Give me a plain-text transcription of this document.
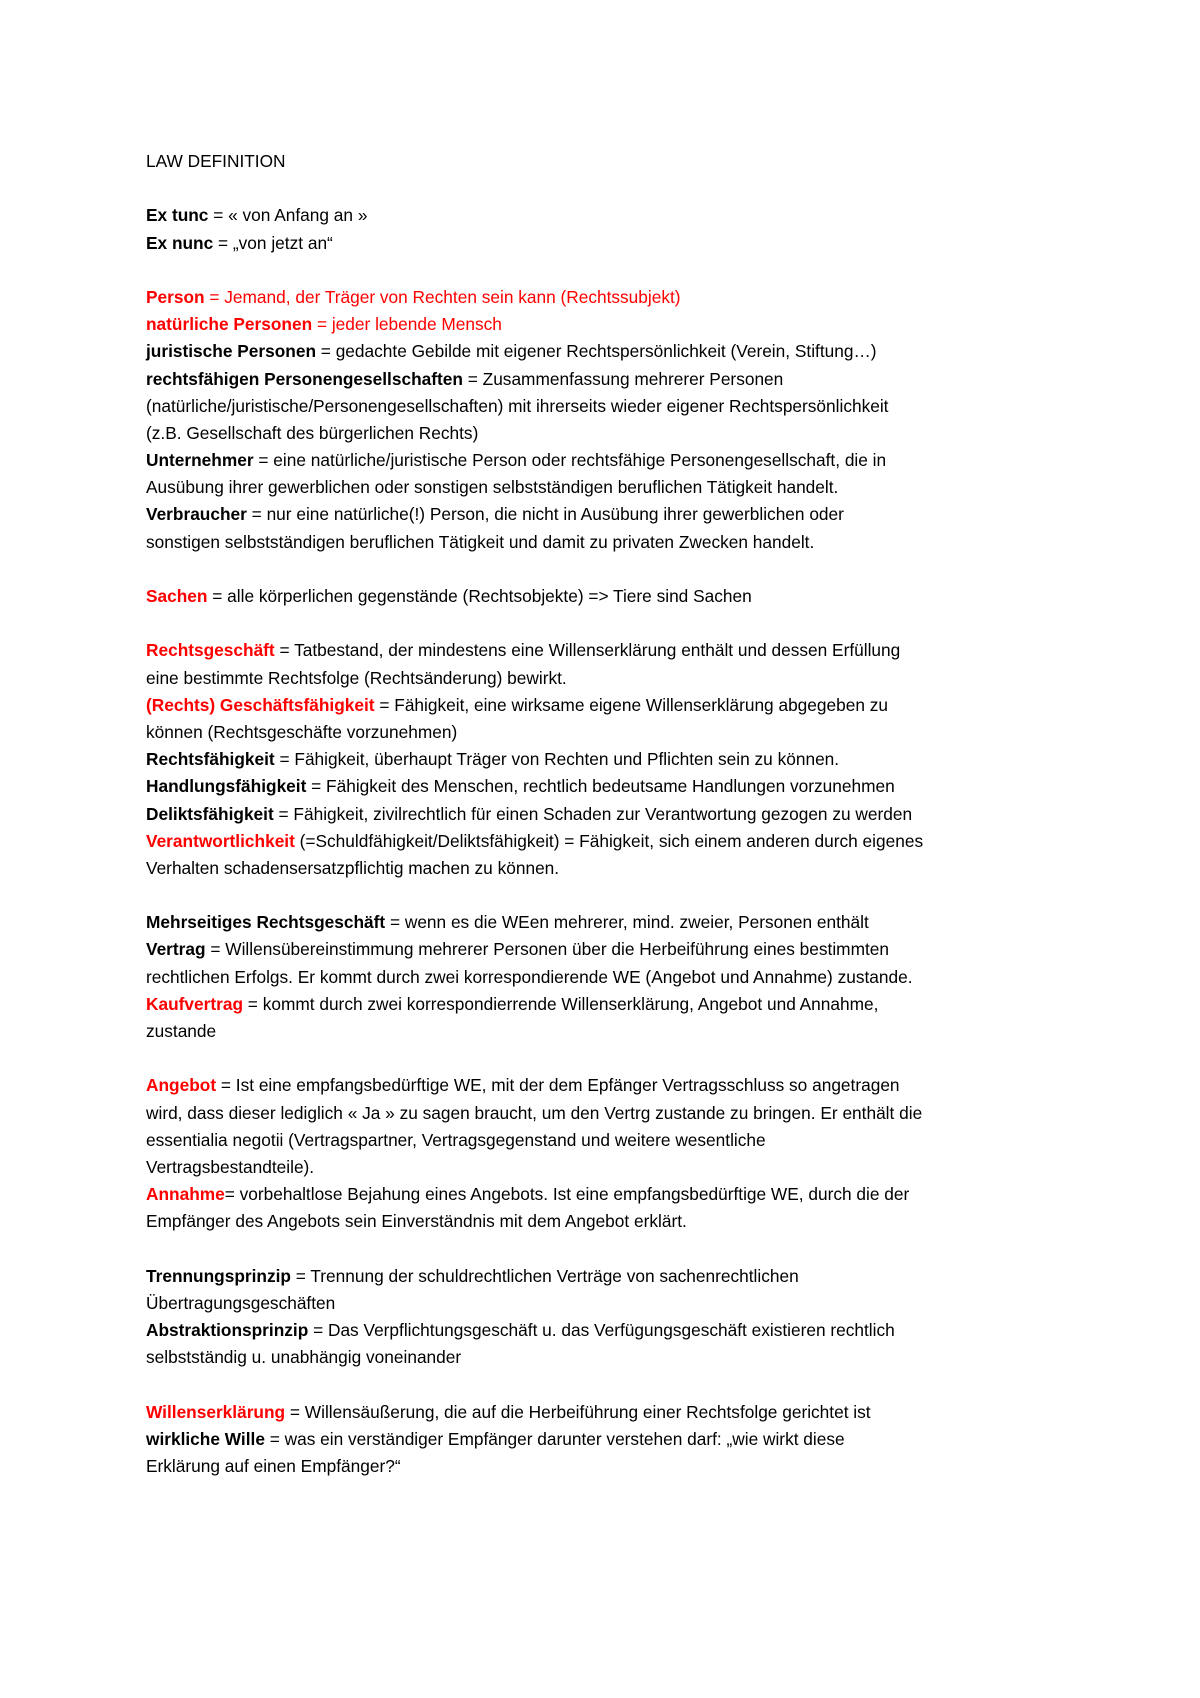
LAW DEFINITION
Ex tunc = « von Anfang an »
Ex nunc = „von jetzt an“
Person = Jemand, der Träger von Rechten sein kann (Rechtssubjekt)
natürliche Personen = jeder lebende Mensch
juristische Personen = gedachte Gebilde mit eigener Rechtspersönlichkeit (Verein, Stiftung…)
rechtsfähigen Personengesellschaften = Zusammenfassung mehrerer Personen
(natürliche/juristische/Personengesellschaften) mit ihrerseits wieder eigener Rechtspersönlichkeit
(z.B. Gesellschaft des bürgerlichen Rechts)
Unternehmer = eine natürliche/juristische Person oder rechtsfähige Personengesellschaft, die in
Ausübung ihrer gewerblichen oder sonstigen selbstständigen beruflichen Tätigkeit handelt.
Verbraucher = nur eine natürliche(!) Person, die nicht in Ausübung ihrer gewerblichen oder
sonstigen selbstständigen beruflichen Tätigkeit und damit zu privaten Zwecken handelt.
Sachen = alle körperlichen gegenstände (Rechtsobjekte) => Tiere sind Sachen
Rechtsgeschäft = Tatbestand, der mindestens eine Willenserklärung enthält und dessen Erfüllung
eine bestimmte Rechtsfolge (Rechtsänderung) bewirkt.
(Rechts) Geschäftsfähigkeit = Fähigkeit, eine wirksame eigene Willenserklärung abgegeben zu
können (Rechtsgeschäfte vorzunehmen)
Rechtsfähigkeit = Fähigkeit, überhaupt Träger von Rechten und Pflichten sein zu können.
Handlungsfähigkeit = Fähigkeit des Menschen, rechtlich bedeutsame Handlungen vorzunehmen
Deliktsfähigkeit = Fähigkeit, zivilrechtlich für einen Schaden zur Verantwortung gezogen zu werden
Verantwortlichkeit (=Schuldfähigkeit/Deliktsfähigkeit) = Fähigkeit, sich einem anderen durch eigenes
Verhalten schadensersatzpflichtig machen zu können.
Mehrseitiges Rechtsgeschäft = wenn es die WEen mehrerer, mind. zweier, Personen enthält
Vertrag = Willensübereinstimmung mehrerer Personen über die Herbeiführung eines bestimmten
rechtlichen Erfolgs. Er kommt durch zwei korrespondierende WE (Angebot und Annahme) zustande.
Kaufvertrag = kommt durch zwei korrespondierrende Willenserklärung, Angebot und Annahme,
zustande
Angebot = Ist eine empfangsbedürftige WE, mit der dem Epfänger Vertragsschluss so angetragen
wird, dass dieser lediglich « Ja » zu sagen braucht, um den Vertrg zustande zu bringen. Er enthält die
essentialia negotii (Vertragspartner, Vertragsgegenstand und weitere wesentliche
Vertragsbestandteile).
Annahme= vorbehaltlose Bejahung eines Angebots. Ist eine empfangsbedürftige WE, durch die der
Empfänger des Angebots sein Einverständnis mit dem Angebot erklärt.
Trennungsprinzip = Trennung der schuldrechtlichen Verträge von sachenrechtlichen
Übertragungsgeschäften
Abstraktionsprinzip = Das Verpflichtungsgeschäft u. das Verfügungsgeschäft existieren rechtlich
selbstständig u. unabhängig voneinander
Willenserklärung = Willensäußerung, die auf die Herbeiführung einer Rechtsfolge gerichtet ist
wirkliche Wille = was ein verständiger Empfänger darunter verstehen darf: „wie wirkt diese
Erklärung auf einen Empfänger?“
